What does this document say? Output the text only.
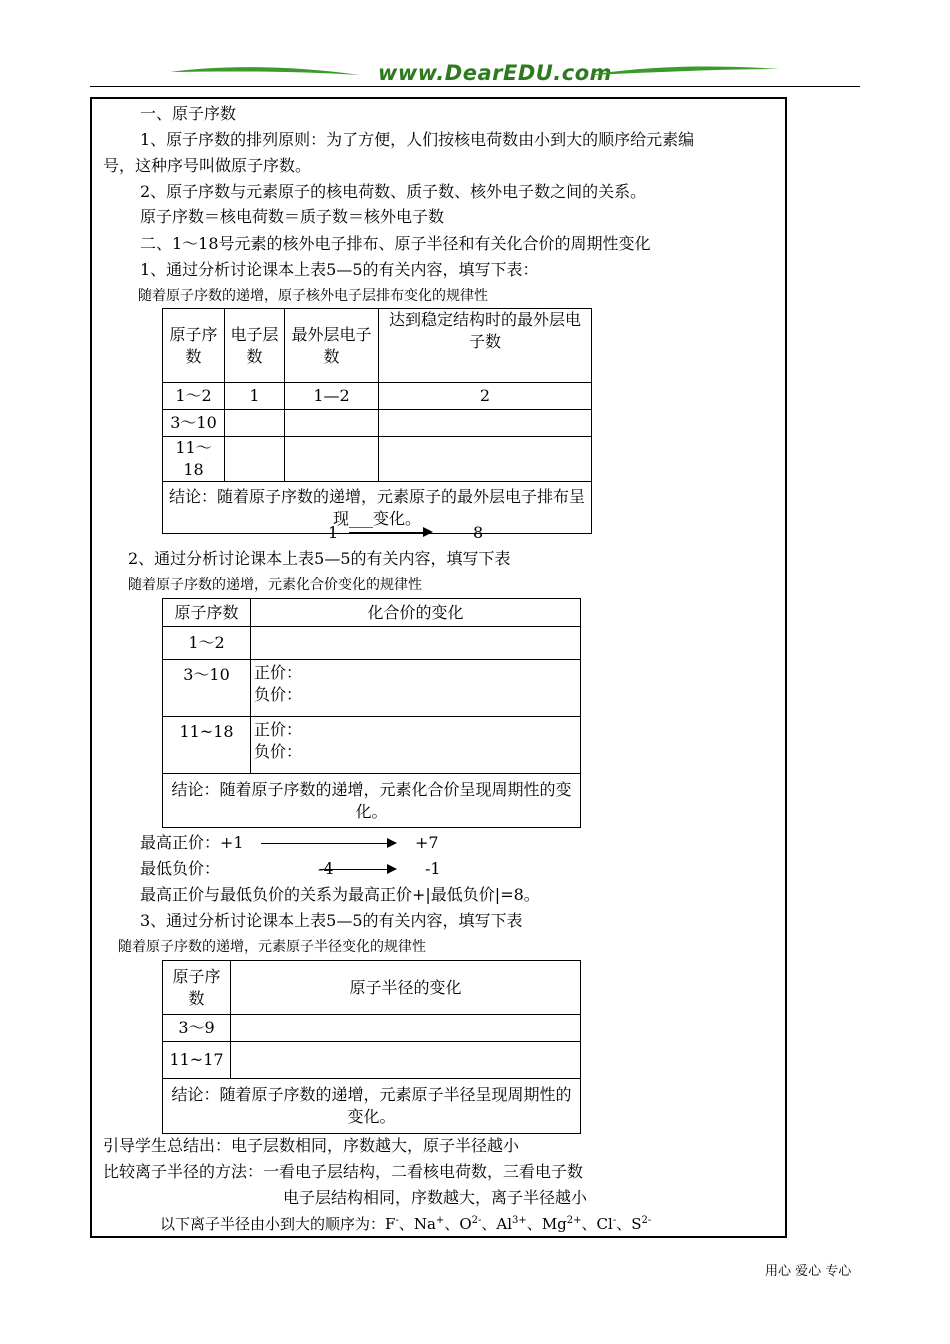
www.DearEDU.com
一、原子序数
1、原子序数的排列原则：为了方便，人们按核电荷数由小到大的顺序给元素编
号，这种序号叫做原子序数。
2、原子序数与元素原子的核电荷数、质子数、核外电子数之间的关系。
原子序数＝核电荷数＝质子数＝核外电子数
二、1～18号元素的核外电子排布、原子半径和有关化合价的周期性变化
1、通过分析讨论课本上表5—5的有关内容，填写下表：
随着原子序数的递增，原子核外电子层排布变化的规律性
原子序数	电子层数	最外层电子数	达到稳定结构时的最外层电子数
1～2	1	1—2	2
3～10			
11～18			
结论：随着原子序数的递增，元素原子的最外层电子排布呈现___变化。			
1	8
2、通过分析讨论课本上表5—5的有关内容，填写下表
随着原子序数的递增，元素化合价变化的规律性
原子序数	化合价的变化
1～2	
3～10	正价：
负价：

11~18	正价：
负价：

结论：随着原子序数的递增，元素化合价呈现周期性的变化。	
最高正价：+1	+7
最低负价：	-4	-1
最高正价与最低负价的关系为最高正价+|最低负价|=8。
3、通过分析讨论课本上表5—5的有关内容，填写下表
随着原子序数的递增，元素原子半径变化的规律性
原子序数	原子半径的变化
3～9	
11~17	
结论：随着原子序数的递增，元素原子半径呈现周期性的变化。	
引导学生总结出：电子层数相同，序数越大，原子半径越小
比较离子半径的方法：一看电子层结构，二看核电荷数，三看电子数
电子层结构相同，序数越大，离子半径越小
以下离子半径由小到大的顺序为：F-、Na+、$O^{2-}$、$Al^{3+}$、$Mg^{2+}$、Cl-、$S^{2-}$
用心 爱心 专心
